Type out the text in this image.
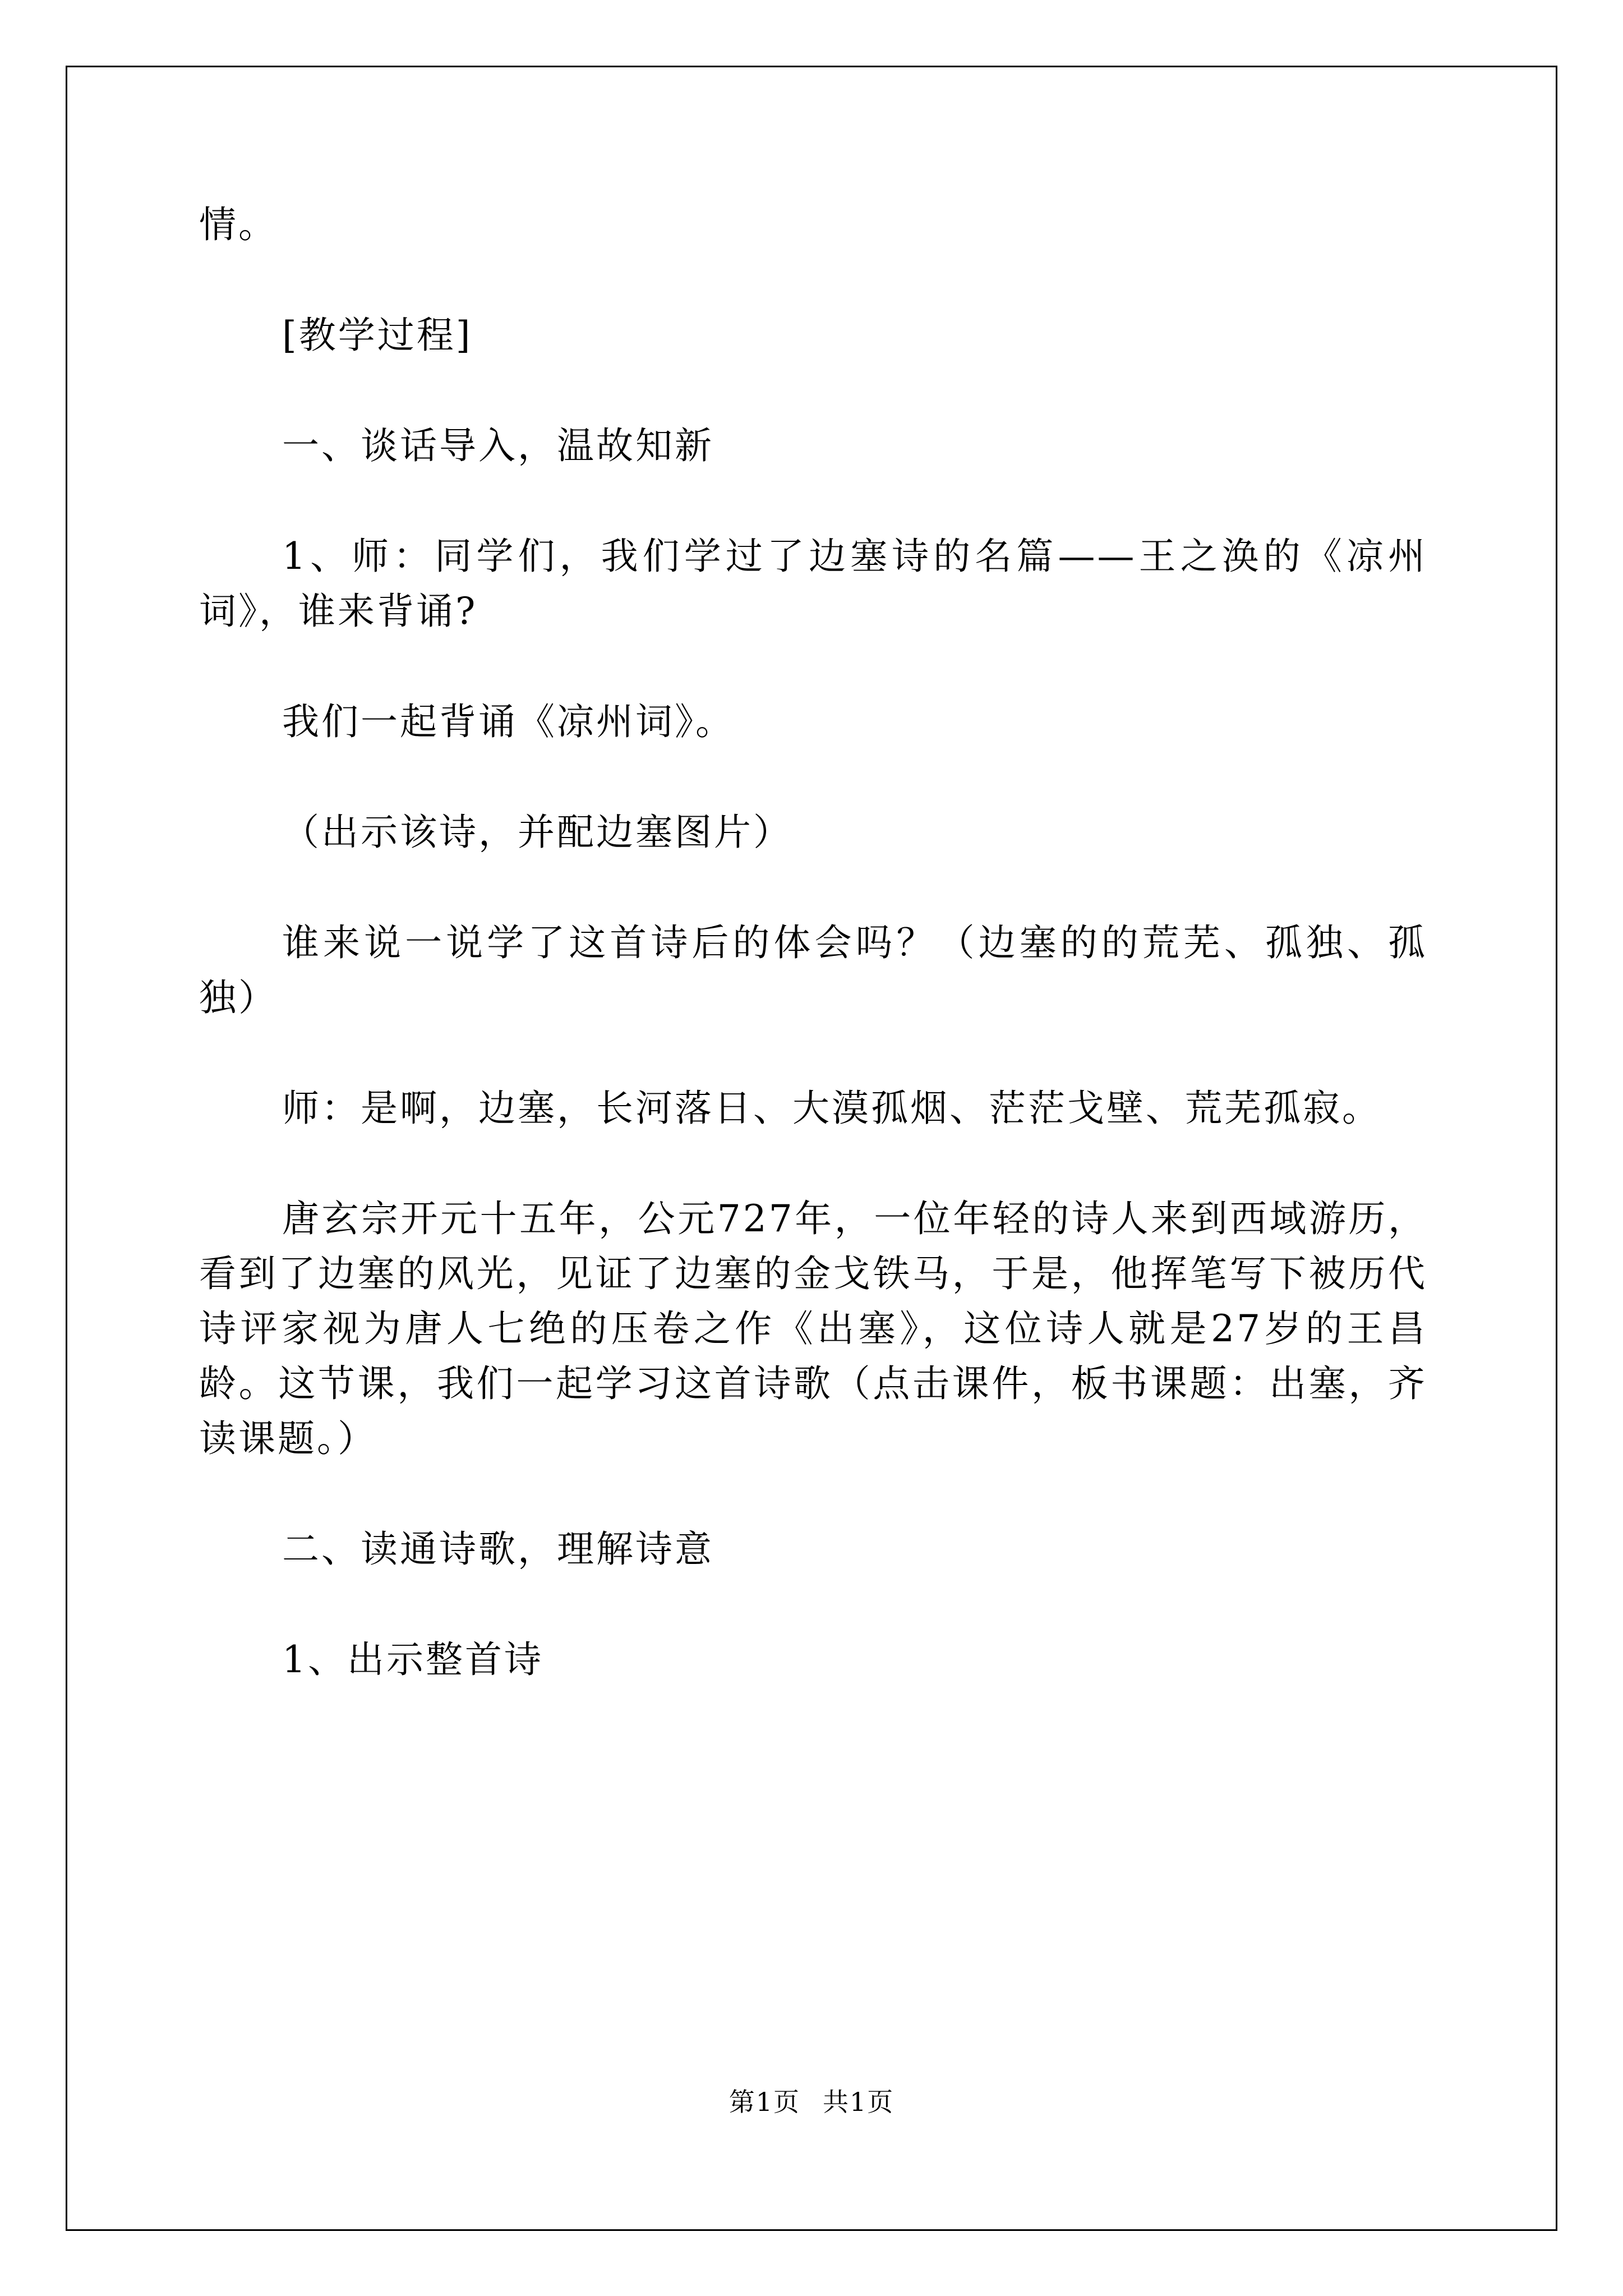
情。

[教学过程]

一、谈话导入，温故知新

1、师：同学们，我们学过了边塞诗的名篇——王之涣的《凉州词》，谁来背诵?

我们一起背诵《凉州词》。

（出示该诗，并配边塞图片）

谁来说一说学了这首诗后的体会吗？（边塞的的荒芜、孤独、孤独）

师：是啊，边塞，长河落日、大漠孤烟、茫茫戈壁、荒芜孤寂。

唐玄宗开元十五年，公元727年，一位年轻的诗人来到西域游历，看到了边塞的风光，见证了边塞的金戈铁马，于是，他挥笔写下被历代诗评家视为唐人七绝的压卷之作《出塞》，这位诗人就是27岁的王昌龄。这节课，我们一起学习这首诗歌（点击课件，板书课题：出塞，齐读课题。）

二、读通诗歌，理解诗意

1、出示整首诗

第1页 共1页
